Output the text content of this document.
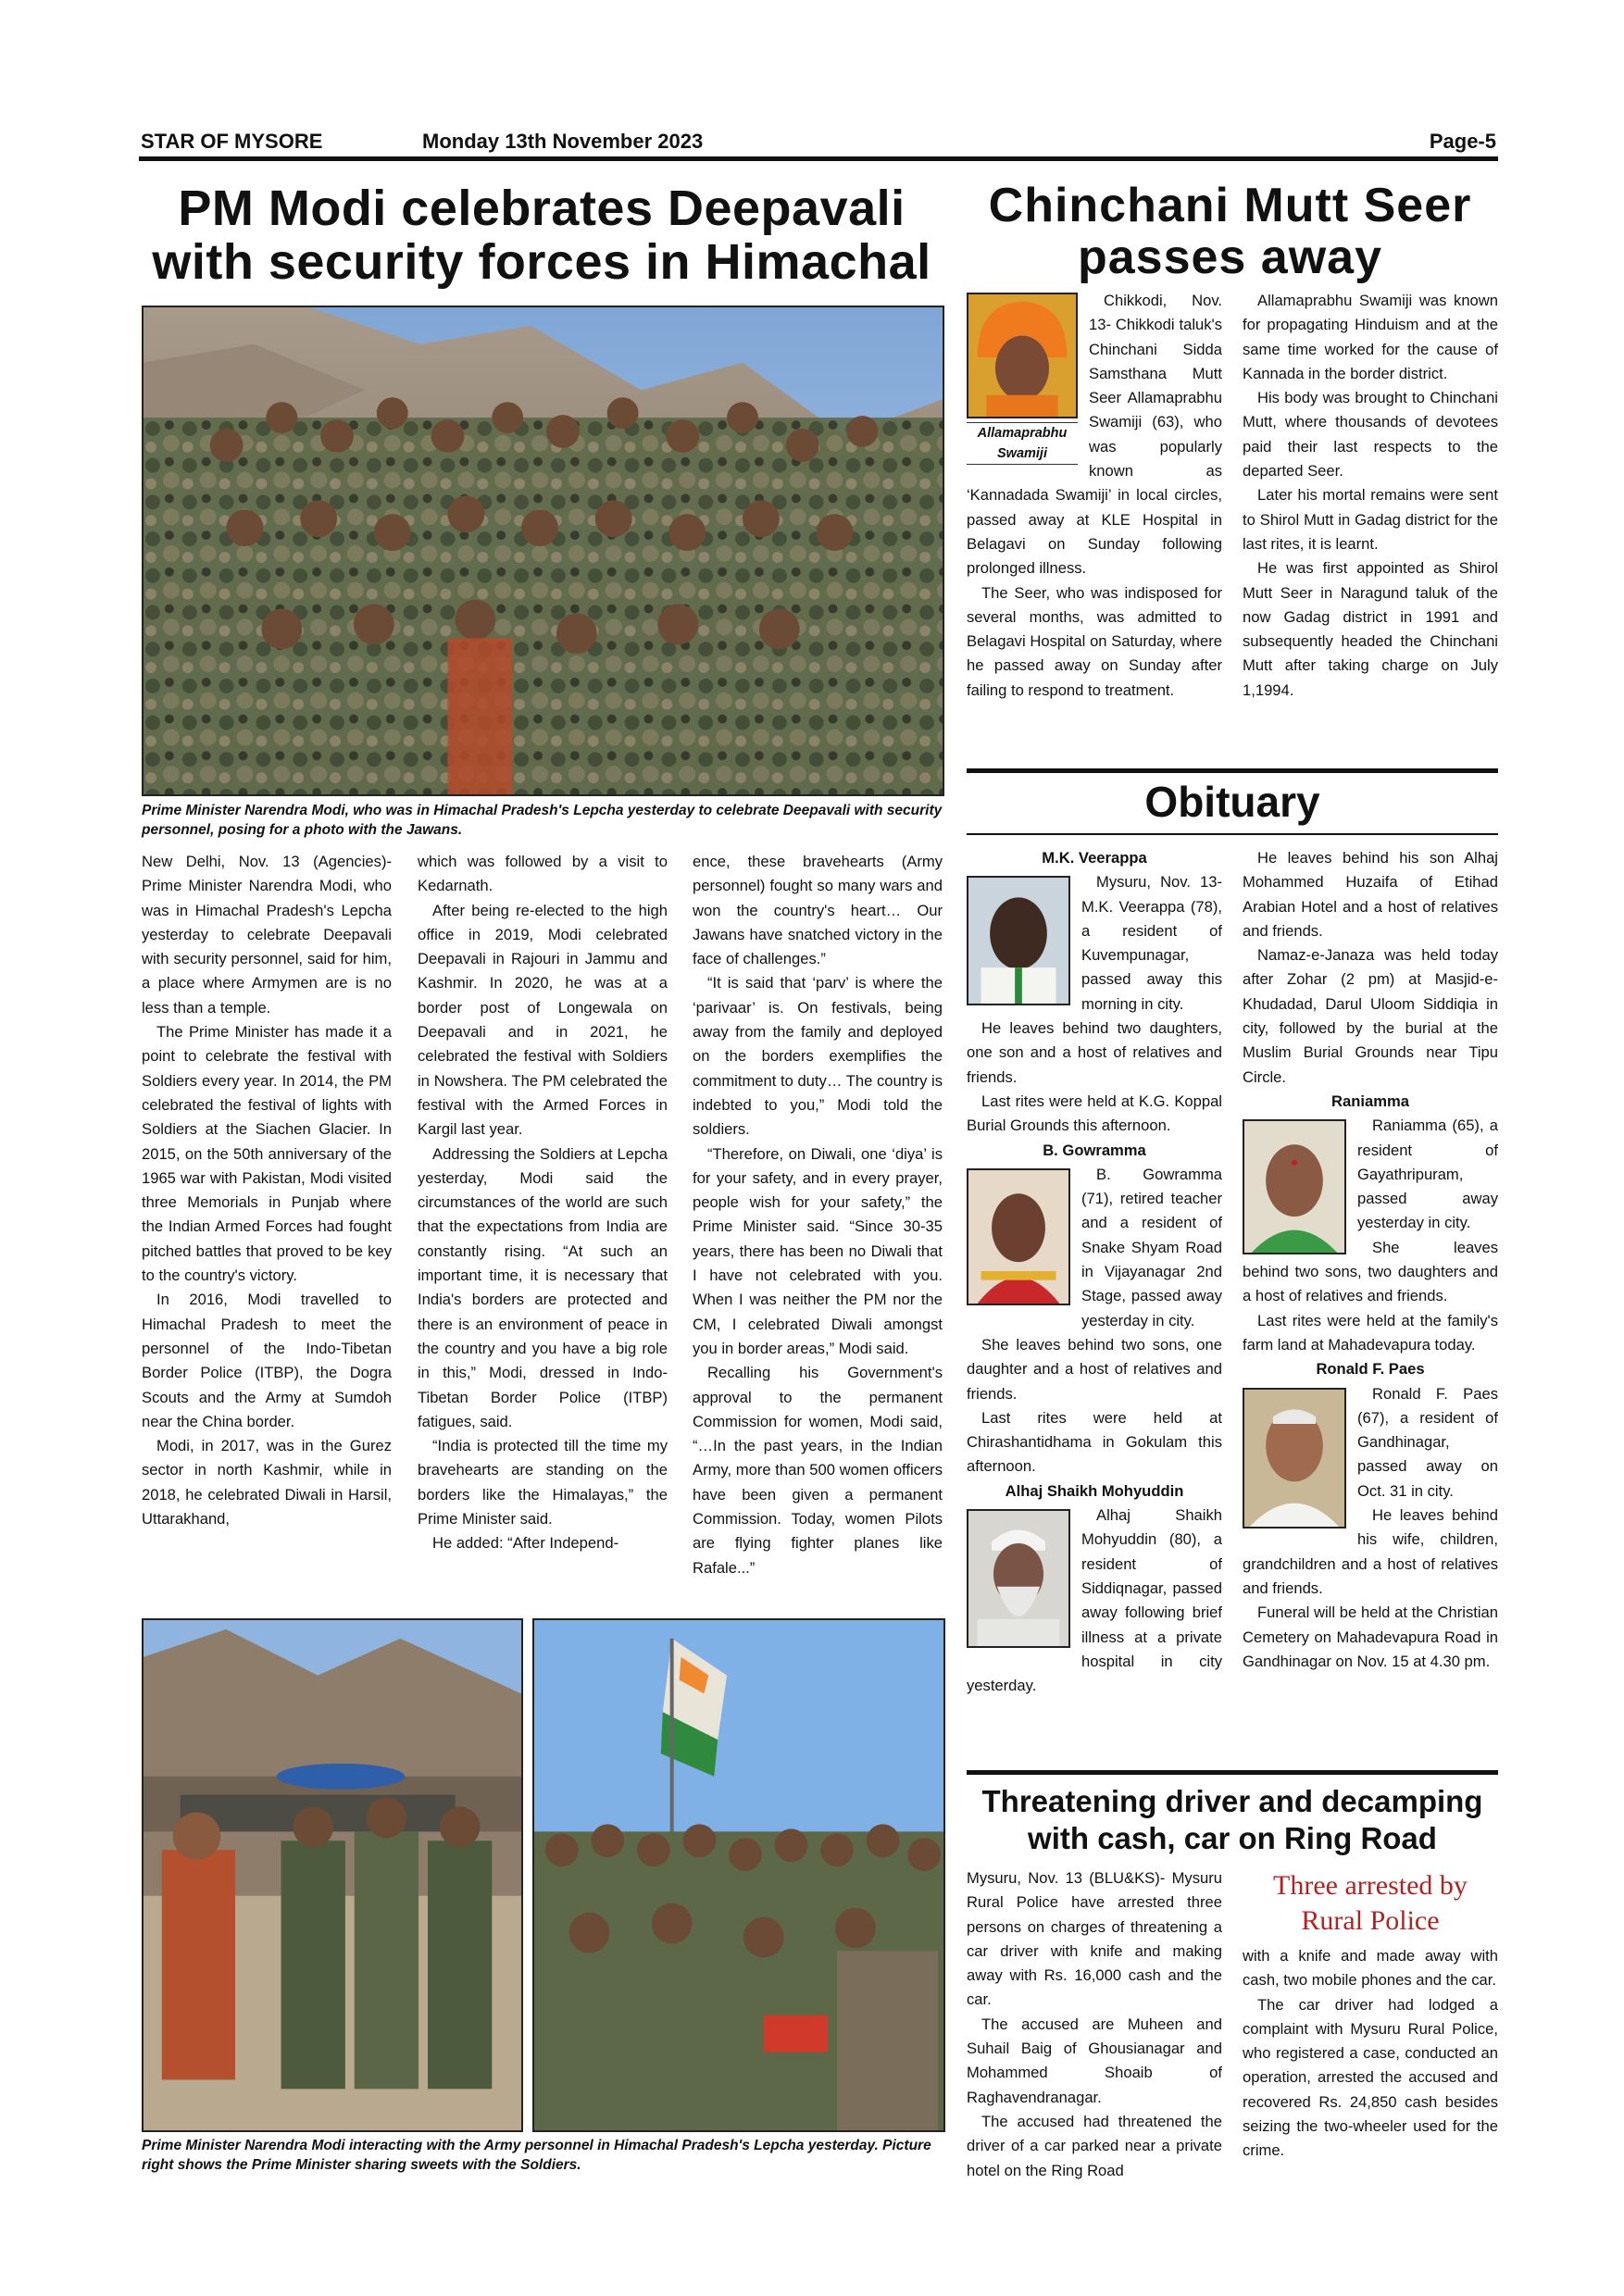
STAR OF MYSORE	Monday 13th November 2023	Page-5
PM Modi celebrates Deepavali
with security forces in Himachal
Prime Minister Narendra Modi, who was in Himachal Pradesh's Lepcha yesterday to celebrate Deepavali with security personnel, posing for a photo with the Jawans.

New Delhi, Nov. 13 (Agencies)- Prime Minister Narendra Modi, who was in Himachal Pradesh's Lepcha yesterday to celebrate Deepavali with security personnel, said for him, a place where Armymen are is no less than a temple.

The Prime Minister has made it a point to celebrate the festival with Soldiers every year. In 2014, the PM celebrated the festival of lights with Soldiers at the Siachen Glacier. In 2015, on the 50th anniversary of the 1965 war with Pakistan, Modi visited three Memorials in Punjab where the Indian Armed Forces had fought pitched battles that proved to be key to the country's victory.

In 2016, Modi travelled to Himachal Pradesh to meet the personnel of the Indo-Tibetan Border Police (ITBP), the Dogra Scouts and the Army at Sumdoh near the China border.

Modi, in 2017, was in the Gurez sector in north Kashmir, while in 2018, he celebrated Diwali in Harsil, Uttarakhand,

which was followed by a visit to Kedarnath.

After being re-elected to the high office in 2019, Modi celebrated Deepavali in Rajouri in Jammu and Kashmir. In 2020, he was at a border post of Longewala on Deepavali and in 2021, he celebrated the festival with Soldiers in Nowshera. The PM celebrated the festival with the Armed Forces in Kargil last year.

Addressing the Soldiers at Lepcha yesterday, Modi said the circumstances of the world are such that the expectations from India are constantly rising. “At such an important time, it is necessary that India's borders are protected and there is an environment of peace in the country and you have a big role in this,” Modi, dressed in Indo-Tibetan Border Police (ITBP) fatigues, said.

“India is protected till the time my bravehearts are standing on the borders like the Himalayas,” the Prime Minister said.

He added: “After Independ-

ence, these bravehearts (Army personnel) fought so many wars and won the country's heart… Our Jawans have snatched victory in the face of challenges.”

“It is said that ‘parv’ is where the ‘parivaar’ is. On festivals, being away from the family and deployed on the borders exemplifies the commitment to duty… The country is indebted to you,” Modi told the soldiers.

“Therefore, on Diwali, one ‘diya’ is for your safety, and in every prayer, people wish for your safety,” the Prime Minister said. “Since 30-35 years, there has been no Diwali that I have not celebrated with you. When I was neither the PM nor the CM, I celebrated Diwali amongst you in border areas,” Modi said.

Recalling his Government's approval to the permanent Commission for women, Modi said, “…In the past years, in the Indian Army, more than 500 women officers have been given a permanent Commission. Today, women Pilots are flying fighter planes like Rafale...”

Prime Minister Narendra Modi interacting with the Army personnel in Himachal Pradesh's Lepcha yesterday. Picture right shows the Prime Minister sharing sweets with the Soldiers.
Chinchani Mutt Seer
passes away
Allamaprabhu Swamiji

Chikkodi, Nov. 13- Chikkodi taluk's Chinchani Sidda Samsthana Mutt Seer Allamaprabhu Swamiji (63), who was popularly known as ‘Kannadada Swamiji’ in local circles, passed away at KLE Hospital in Belagavi on Sunday following prolonged illness.

The Seer, who was indisposed for several months, was admitted to Belagavi Hospital on Saturday, where he passed away on Sunday after failing to respond to treatment.

Allamaprabhu Swamiji was known for propagating Hinduism and at the same time worked for the cause of Kannada in the border district.

His body was brought to Chinchani Mutt, where thousands of devotees paid their last respects to the departed Seer.

Later his mortal remains were sent to Shirol Mutt in Gadag district for the last rites, it is learnt.

He was first appointed as Shirol Mutt Seer in Naragund taluk of the now Gadag district in 1991 and subsequently headed the Chinchani Mutt after taking charge on July 1,1994.

Obituary

M.K. Veerappa

Mysuru, Nov. 13- M.K. Veerappa (78), a resident of Kuvempunagar, passed away this morning in city.

He leaves behind two daughters, one son and a host of relatives and friends.

Last rites were held at K.G. Koppal Burial Grounds this afternoon.

B. Gowramma

B. Gowramma (71), retired teacher and a resident of Snake Shyam Road in Vijayanagar 2nd Stage, passed away yesterday in city.

She leaves behind two sons, one daughter and a host of relatives and friends.

Last rites were held at Chirashantidhama in Gokulam this afternoon.

Alhaj Shaikh Mohyuddin

Alhaj Shaikh Mohyuddin (80), a resident of Siddiqnagar, passed away following brief illness at a private hospital in city yesterday.

He leaves behind his son Alhaj Mohammed Huzaifa of Etihad Arabian Hotel and a host of relatives and friends.

Namaz-e-Janaza was held today after Zohar (2 pm) at Masjid-e-Khudadad, Darul Uloom Siddiqia in city, followed by the burial at the Muslim Burial Grounds near Tipu Circle.

Raniamma

Raniamma (65), a resident of Gayathripuram, passed away yesterday in city.

She leaves behind two sons, two daughters and a host of relatives and friends.

Last rites were held at the family's farm land at Mahadevapura today.

Ronald F. Paes

Ronald F. Paes (67), a resident of Gandhinagar, passed away on Oct. 31 in city.

He leaves behind his wife, children, grandchildren and a host of relatives and friends.

Funeral will be held at the Christian Cemetery on Mahadevapura Road in Gandhinagar on Nov. 15 at 4.30 pm.

Threatening driver and decamping
with cash, car on Ring Road

Mysuru, Nov. 13 (BLU&KS)- Mysuru Rural Police have arrested three persons on charges of threatening a car driver with knife and making away with Rs. 16,000 cash and the car.

The accused are Muheen and Suhail Baig of Ghousianagar and Mohammed Shoaib of Raghavendranagar.

The accused had threatened the driver of a car parked near a private hotel on the Ring Road

Three arrested by Rural Police

with a knife and made away with cash, two mobile phones and the car.

The car driver had lodged a complaint with Mysuru Rural Police, who registered a case, conducted an operation, arrested the accused and recovered Rs. 24,850 cash besides seizing the two-wheeler used for the crime.
